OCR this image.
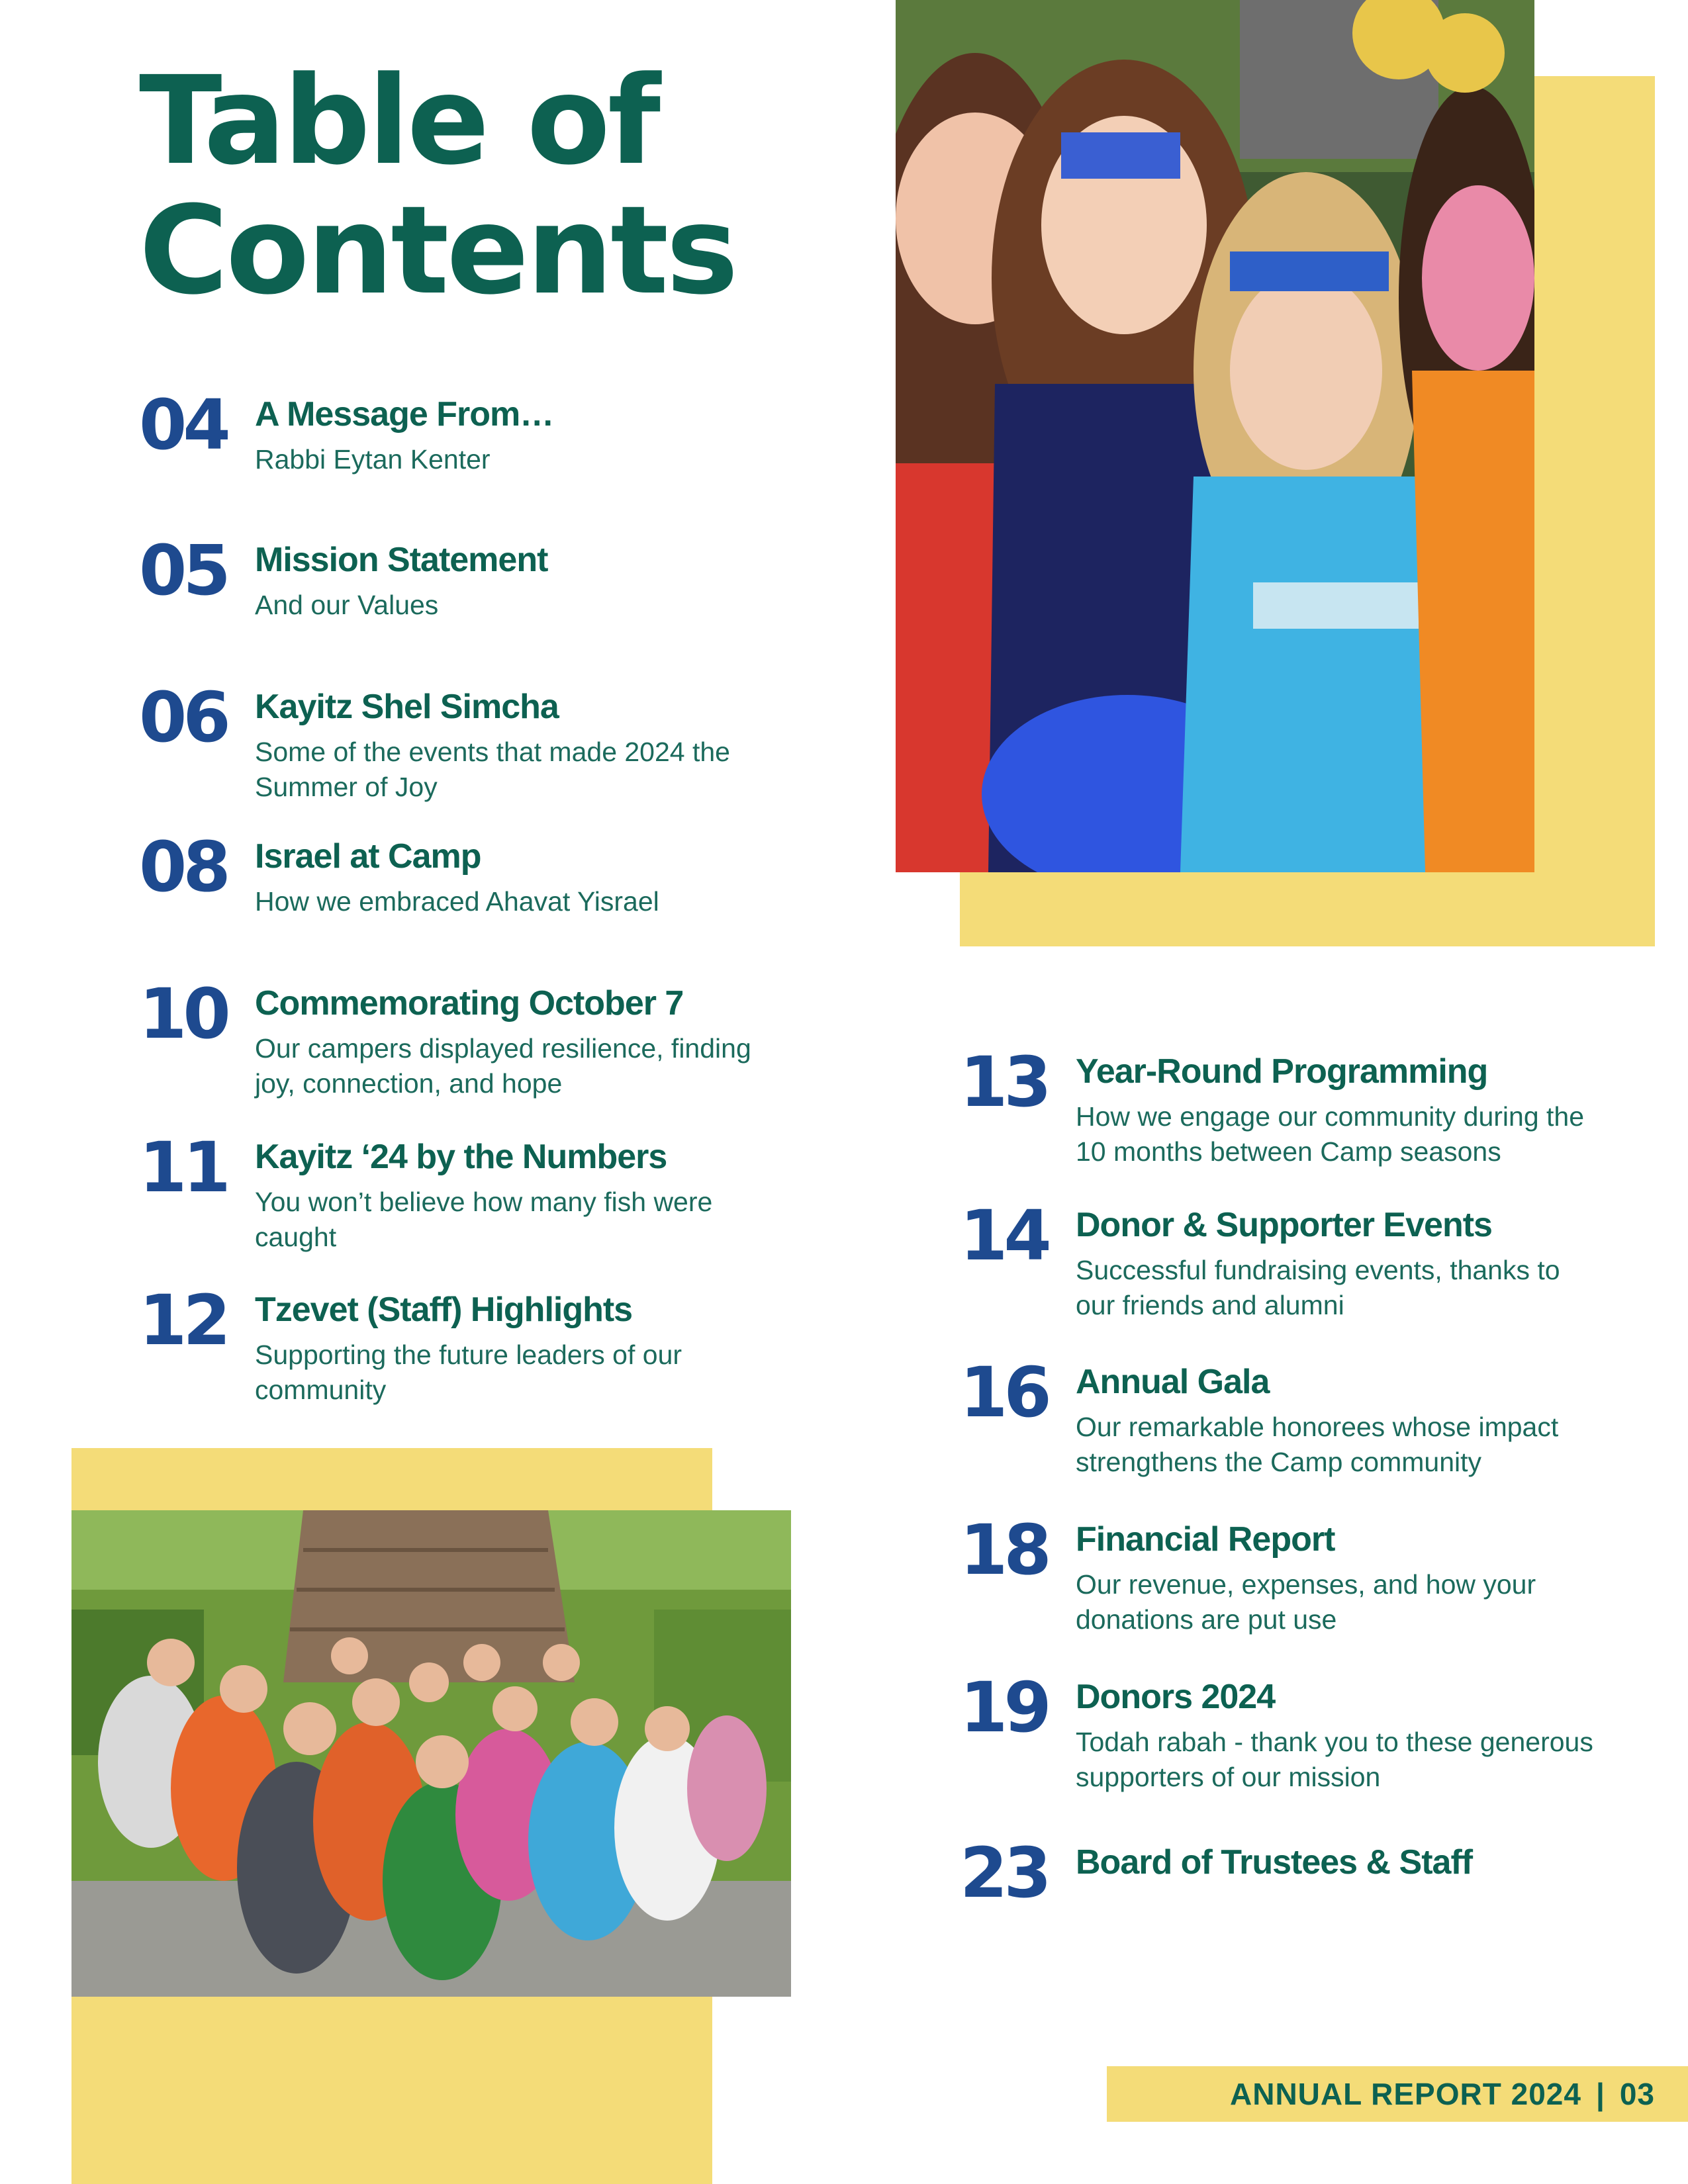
Table of
Contents
04 A Message From…
Rabbi Eytan Kenter
05 Mission Statement
And our Values
06 Kayitz Shel Simcha
Some of the events that made 2024 the Summer of Joy
08 Israel at Camp
How we embraced Ahavat Yisrael
10 Commemorating October 7
Our campers displayed resilience, finding joy, connection, and hope
11 Kayitz ‘24 by the Numbers
You won’t believe how many fish were caught
12 Tzevet (Staff) Highlights
Supporting the future leaders of our community
13 Year-Round Programming
How we engage our community during the 10 months between Camp seasons
14 Donor & Supporter Events
Successful fundraising events, thanks to our friends and alumni
16 Annual Gala
Our remarkable honorees whose impact strengthens the Camp community
18 Financial Report
Our revenue, expenses, and how your donations are put use
19 Donors 2024
Todah rabah - thank you to these generous supporters of our mission
23 Board of Trustees & Staff
ANNUAL REPORT 2024 | 03
